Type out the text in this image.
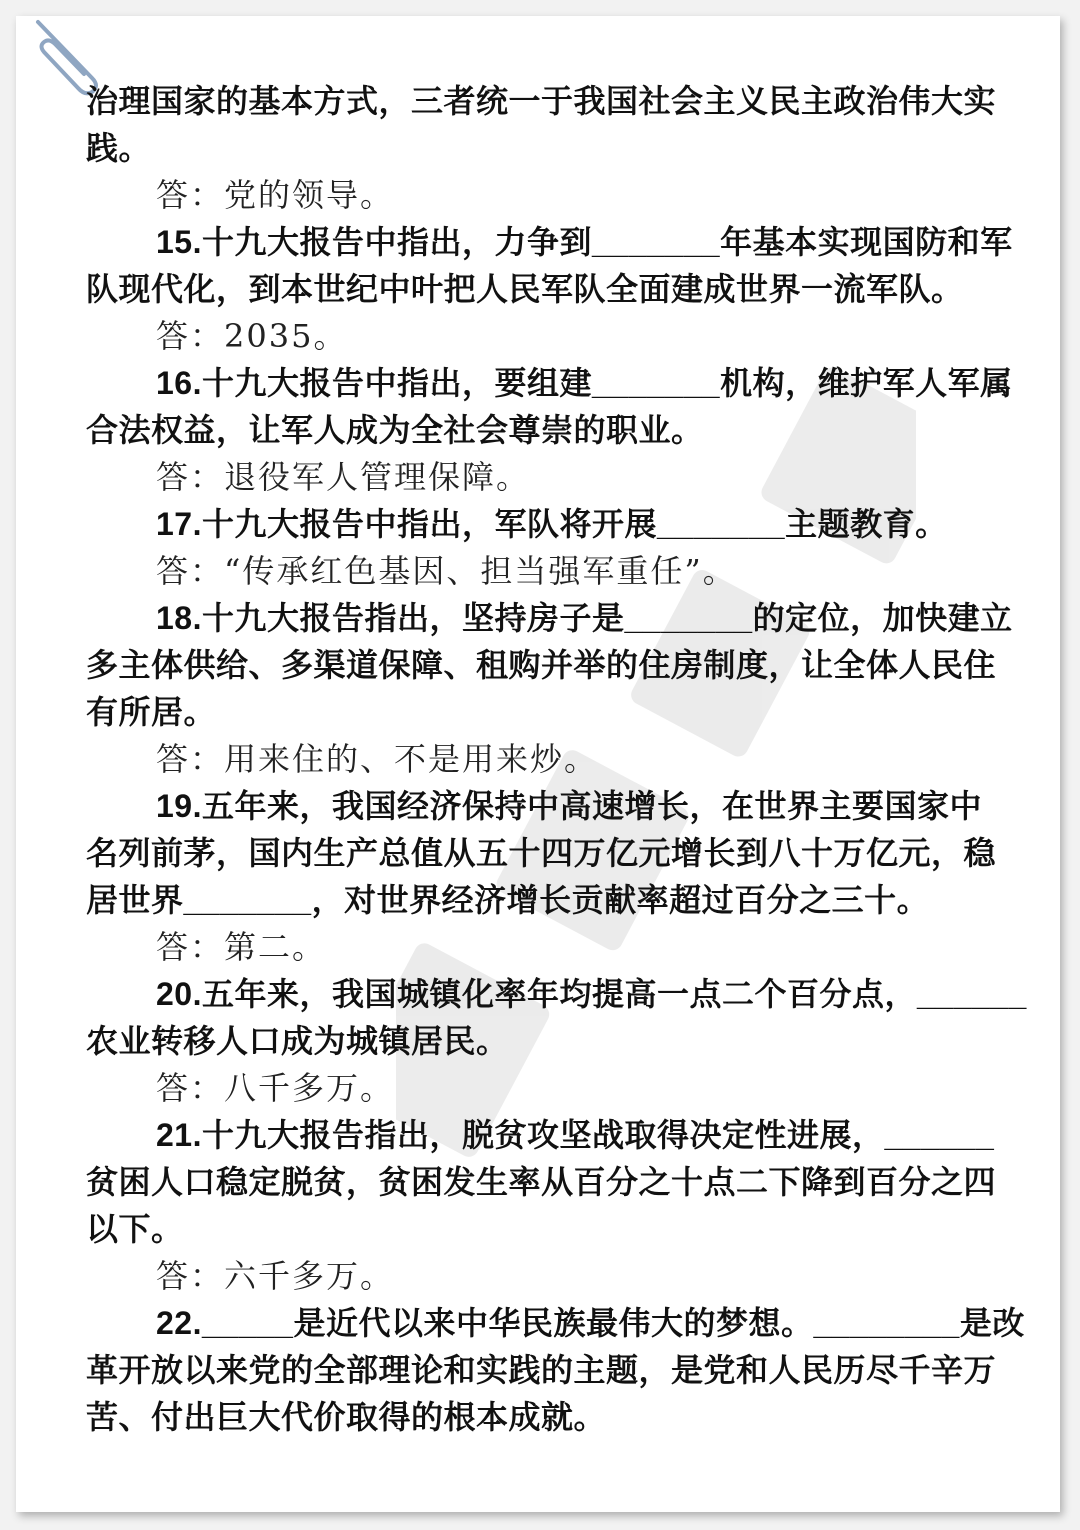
治理国家的基本方式，三者统一于我国社会主义民主政治伟大实
践。
答：党的领导。
15.十九大报告中指出，力争到_______年基本实现国防和军
队现代化，到本世纪中叶把人民军队全面建成世界一流军队。
答：2035。
16.十九大报告中指出，要组建_______机构，维护军人军属
合法权益，让军人成为全社会尊崇的职业。
答：退役军人管理保障。
17.十九大报告中指出，军队将开展_______主题教育。
答：“传承红色基因、担当强军重任”。
18.十九大报告指出，坚持房子是_______的定位，加快建立
多主体供给、多渠道保障、租购并举的住房制度，让全体人民住
有所居。
答：用来住的、不是用来炒。
19.五年来，我国经济保持中高速增长，在世界主要国家中
名列前茅，国内生产总值从五十四万亿元增长到八十万亿元，稳
居世界_______，对世界经济增长贡献率超过百分之三十。
答：第二。
20.五年来，我国城镇化率年均提高一点二个百分点，______
农业转移人口成为城镇居民。
答：八千多万。
21.十九大报告指出，脱贫攻坚战取得决定性进展，______
贫困人口稳定脱贫，贫困发生率从百分之十点二下降到百分之四
以下。
答：六千多万。
22._____是近代以来中华民族最伟大的梦想。________是改
革开放以来党的全部理论和实践的主题，是党和人民历尽千辛万
苦、付出巨大代价取得的根本成就。
